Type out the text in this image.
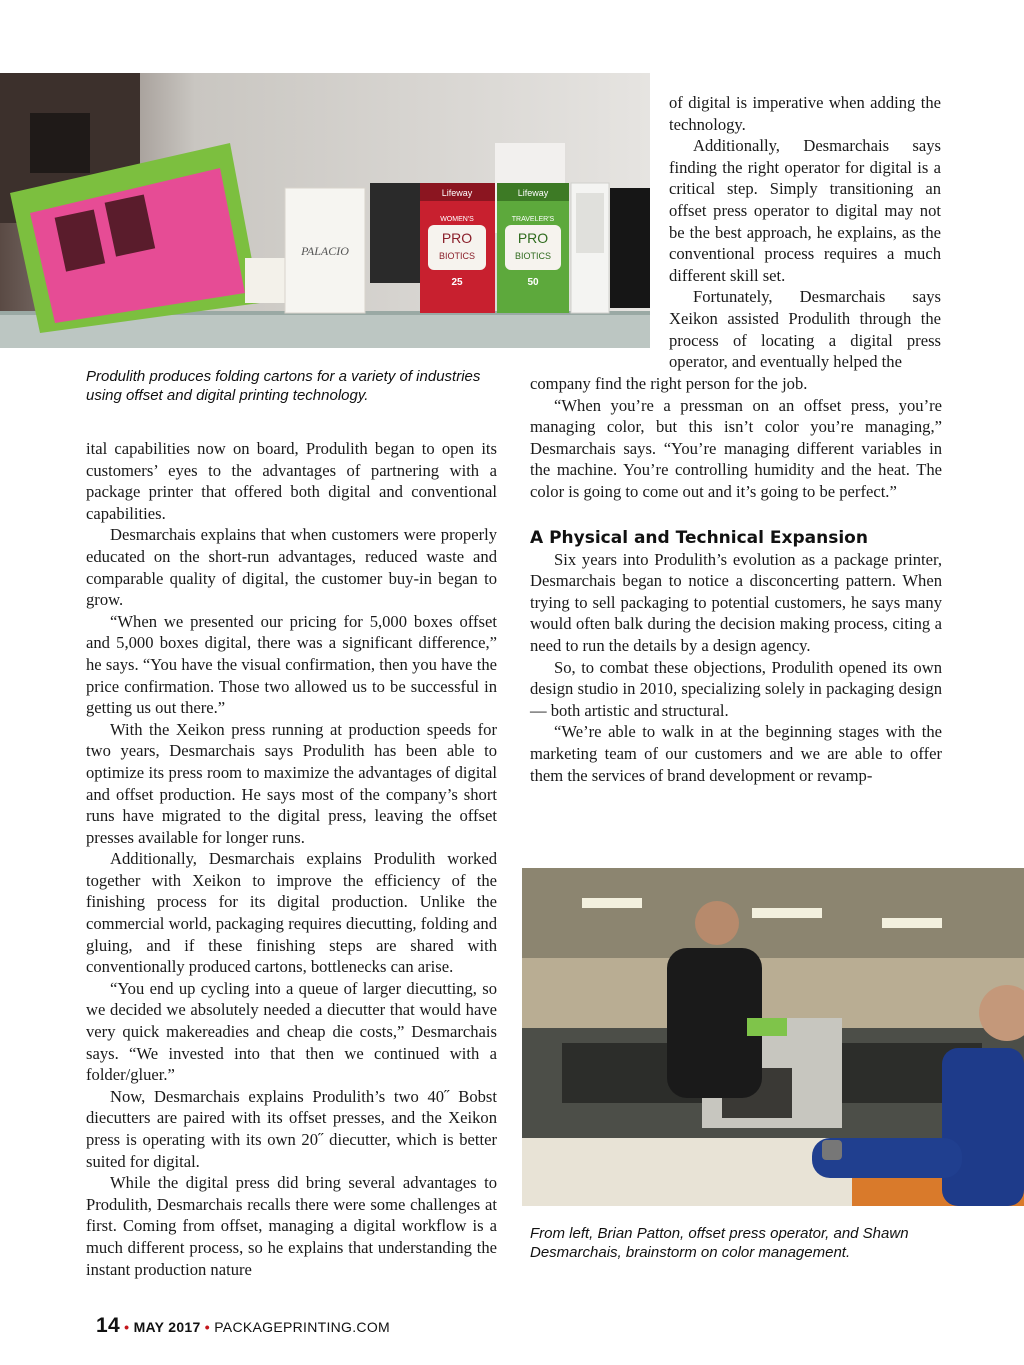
PALACIO
Lifeway
WOMEN'S
PRO
BIOTICS
25
Lifeway
TRAVELER'S
PRO
BIOTICS
50
Produlith produces folding cartons for a variety of industries using offset and digital printing technology.

of digital is imperative when adding the technology.

Additionally, Desmarchais says finding the right operator for digital is a critical step. Simply transitioning an offset press operator to digital may not be the best approach, he explains, as the conventional process requires a much different skill set.

Fortunately, Desmarchais says Xeikon assisted Produlith through the process of locating a digital press operator, and eventually helped the

company find the right person for the job.

“When you’re a pressman on an offset press, you’re managing color, but this isn’t color you’re managing,” Desmarchais says. “You’re managing different variables in the machine. You’re controlling humidity and the heat. The color is going to come out and it’s going to be perfect.”

A Physical and Technical Expansion

Six years into Produlith’s evolution as a package printer, Desmarchais began to notice a disconcerting pattern. When trying to sell packaging to potential customers, he says many would often balk during the decision making process, citing a need to run the details by a design agency.

So, to combat these objections, Produlith opened its own design studio in 2010, specializing solely in packaging design — both artistic and structural.

“We’re able to walk in at the beginning stages with the marketing team of our customers and we are able to offer them the services of brand development or revamp-

From left, Brian Patton, offset press operator, and Shawn Desmarchais, brainstorm on color management.

ital capabilities now on board, Produlith began to open its customers’ eyes to the advantages of partnering with a package printer that offered both digital and conventional capabilities.

Desmarchais explains that when customers were properly educated on the short-run advantages, reduced waste and comparable quality of digital, the customer buy-in began to grow.

“When we presented our pricing for 5,000 boxes offset and 5,000 boxes digital, there was a significant difference,” he says. “You have the visual confirmation, then you have the price confirmation. Those two allowed us to be successful in getting us out there.”

With the Xeikon press running at production speeds for two years, Desmarchais says Produlith has been able to optimize its press room to maximize the advantages of digital and offset production. He says most of the company’s short runs have migrated to the digital press, leaving the offset presses available for longer runs.

Additionally, Desmarchais explains Produlith worked together with Xeikon to improve the efficiency of the finishing process for its digital production. Unlike the commercial world, packaging requires diecutting, folding and gluing, and if these finishing steps are shared with conventionally produced cartons, bottlenecks can arise.

“You end up cycling into a queue of larger diecutting, so we decided we absolutely needed a diecutter that would have very quick makereadies and cheap die costs,” Desmarchais says. “We invested into that then we continued with a folder/gluer.”

Now, Desmarchais explains Produlith’s two 40˝ Bobst diecutters are paired with its offset presses, and the Xeikon press is operating with its own 20˝ diecutter, which is better suited for digital.

While the digital press did bring several advantages to Produlith, Desmarchais recalls there were some challenges at first. Coming from offset, managing a digital workflow is a much different process, so he explains that understanding the instant production nature

14 • MAY 2017 • PACKAGEPRINTING.COM
